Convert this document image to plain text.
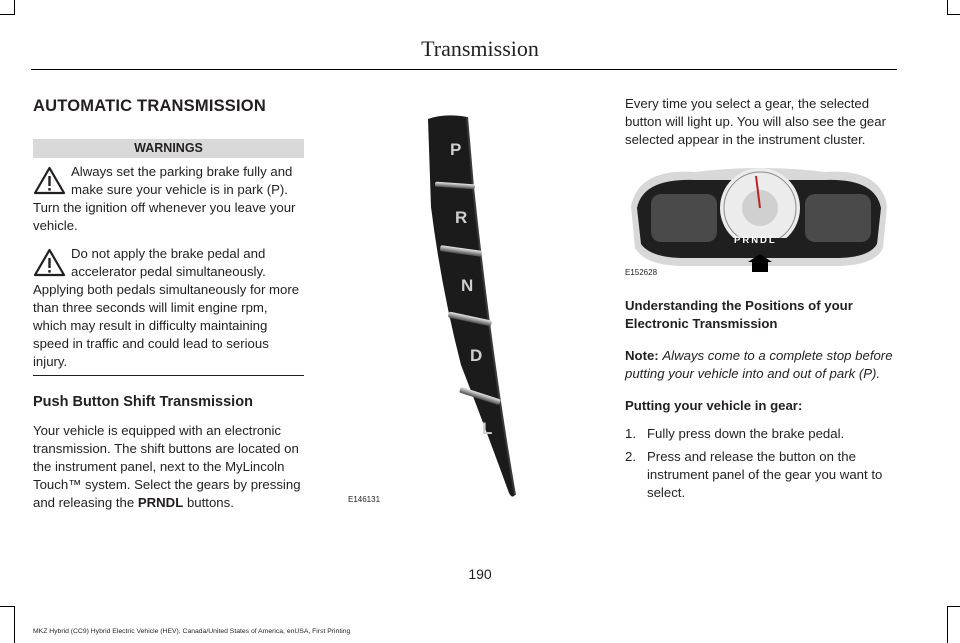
Transmission
AUTOMATIC TRANSMISSION
WARNINGS
Always set the parking brake fully and make sure your vehicle is in park (P).
Turn the ignition off whenever you leave your vehicle.
Do not apply the brake pedal and accelerator pedal simultaneously.
Applying both pedals simultaneously for more than three seconds will limit engine rpm, which may result in difficulty maintaining speed in traffic and could lead to serious injury.
Push Button Shift Transmission

Your vehicle is equipped with an electronic transmission. The shift buttons are located on the instrument panel, next to the MyLincoln Touch™ system. Select the gears by pressing and releasing the PRNDL buttons.

P
R
N
D
L
E146131

Every time you select a gear, the selected button will light up. You will also see the gear selected appear in the instrument cluster.

PRNDL
E152628

Understanding the Positions of your Electronic Transmission

Note: Always come to a complete stop before putting your vehicle into and out of park (P).

Putting your vehicle in gear:

1. Fully press down the brake pedal.
2. Press and release the button on the instrument panel of the gear you want to select.
190
MKZ Hybrid (CC9) Hybrid Electric Vehicle (HEV), Canada/United States of America, enUSA, First Printing
